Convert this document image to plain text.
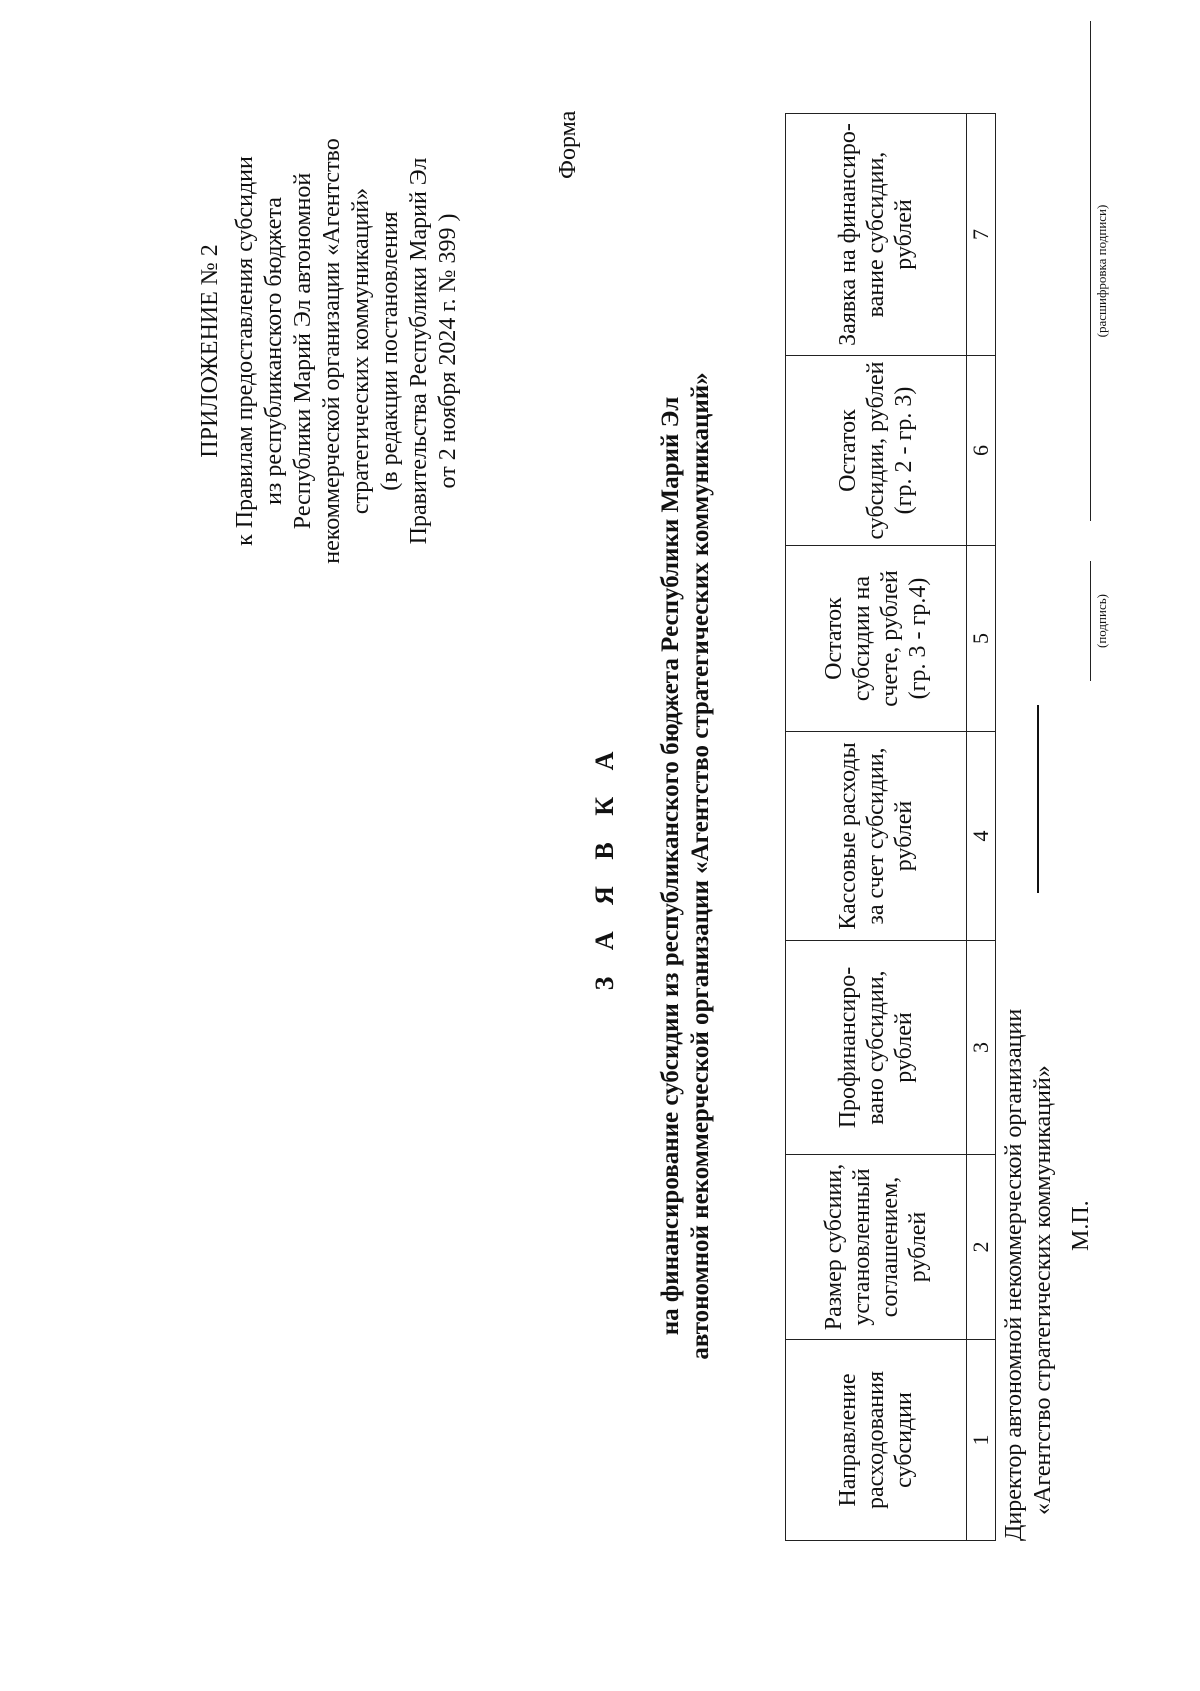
ПРИЛОЖЕНИЕ № 2 к Правилам предоставления субсидии из республиканского бюджета Республики Марий Эл автономной некоммерческой организации «Агентство стратегических коммуникаций» (в редакции постановления Правительства Республики Марий Эл от 2 ноября 2024 г. № 399 )
Форма
З А Я В К А на финансирование субсидии из республиканского бюджета Республики Марий Эл автономной некоммерческой организации «Агентство стратегических коммуникаций»
Направление расходования субсидии	Размер субсиии, установленный соглашением, рублей	Профинансиро-вано субсидии, рублей	Кассовые расходы за счет субсидии, рублей	Остаток субсидии на счете, рублей (гр. 3 - гр.4)	Остаток субсидии, рублей (гр. 2 - гр. 3)	Заявка на финансиро-вание субсидии, рублей
1	2	3	4	5	6	7
Директор автономной некоммерческой организации «Агентство стратегических коммуникаций» М.П.
(подпись)
(расшифровка подписи)
